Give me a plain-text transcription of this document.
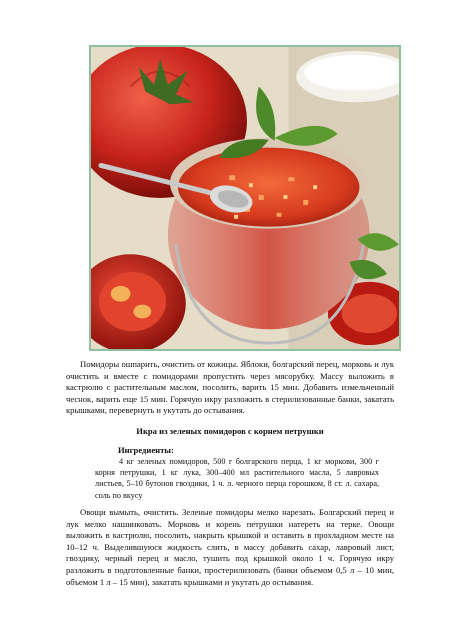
Помидоры ошпарить, очистить от кожицы. Яблоки, болгарский перец, морковь и лук очистить и вместе с помидорами пропустить через мясорубку. Массу выложить в кастрюлю с растительным маслом, посолить, варить 15 мин. Добавить измельченный чеснок, варить еще 15 мин. Горячую икру разложить в стерилизованные банки, закатать крышками, перевернуть и укутать до остывания.

Икра из зеленых помидоров с корнем петрушки

Ингредиенты:

4 кг зеленых помидоров, 500 г болгарского перца, 1 кг моркови, 300 г корня петрушки, 1 кг лука, 300–400 мл растительного масла, 5 лавровых листьев, 5–10 бутонов гвоздики, 1 ч. л. черного перца горошком, 8 ст. л. сахара, соль по вкусу

Овощи вымыть, очистить. Зеленые помидоры мелко нарезать. Болгарский перец и лук мелко нашинковать. Морковь и корень петрушки натереть на терке. Овощи выложить в кастрюлю, посолить, накрыть крышкой и оставить в прохладном месте на 10–12 ч. Выделившуюся жидкость слить, в массу добавить сахар, лавровый лист, гвоздику, черный перец и масло, тушить под крышкой около 1 ч. Горячую икру разложить в подготовленные банки, простерилизовать (банки объемом 0,5 л – 10 мин, объемом 1 л – 15 мин), закатать крышками и укутать до остывания.
